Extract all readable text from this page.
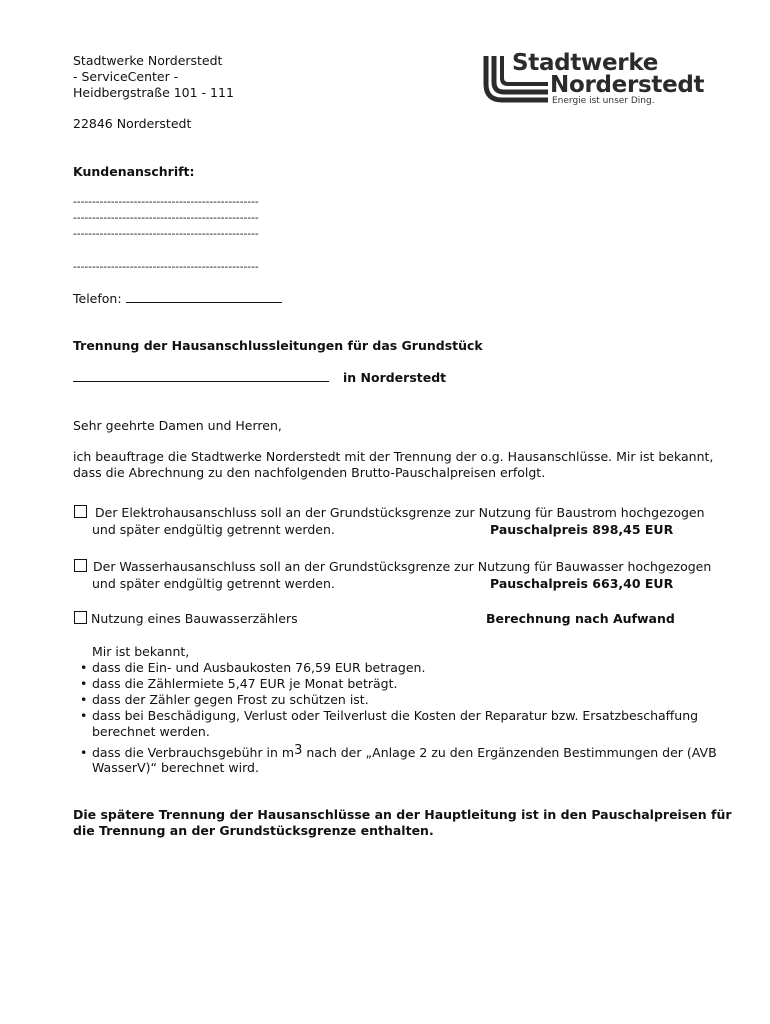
Stadtwerke Norderstedt
- ServiceCenter -
Heidbergstraße 101 - 111
22846 Norderstedt
Stadtwerke
Norderstedt
Energie ist unser Ding.
Kundenanschrift:
-------------------------------------------------
-------------------------------------------------
-------------------------------------------------
-------------------------------------------------
Telefon:
Trennung der Hausanschlussleitungen für das Grundstück
in Norderstedt
Sehr geehrte Damen und Herren,
ich beauftrage die Stadtwerke Norderstedt mit der Trennung der o.g. Hausanschlüsse. Mir ist bekannt,
dass die Abrechnung zu den nachfolgenden Brutto-Pauschalpreisen erfolgt.
Der Elektrohausanschluss soll an der Grundstücksgrenze zur Nutzung für Baustrom hochgezogen
und später endgültig getrennt werden.	Pauschalpreis 898,45 EUR
Der Wasserhausanschluss soll an der Grundstücksgrenze zur Nutzung für Bauwasser hochgezogen
und später endgültig getrennt werden.	Pauschalpreis 663,40 EUR
Nutzung eines Bauwasserzählers	Berechnung nach Aufwand
Mir ist bekannt,
• dass die Ein- und Ausbaukosten 76,59 EUR betragen.
• dass die Zählermiete 5,47 EUR je Monat beträgt.
• dass der Zähler gegen Frost zu schützen ist.
• dass bei Beschädigung, Verlust oder Teilverlust die Kosten der Reparatur bzw. Ersatzbeschaffung
berechnet werden.
• dass die Verbrauchsgebühr in $m^3$ nach der „Anlage 2 zu den Ergänzenden Bestimmungen der (AVB
WasserV)“ berechnet wird.
Die spätere Trennung der Hausanschlüsse an der Hauptleitung ist in den Pauschalpreisen für
die Trennung an der Grundstücksgrenze enthalten.
